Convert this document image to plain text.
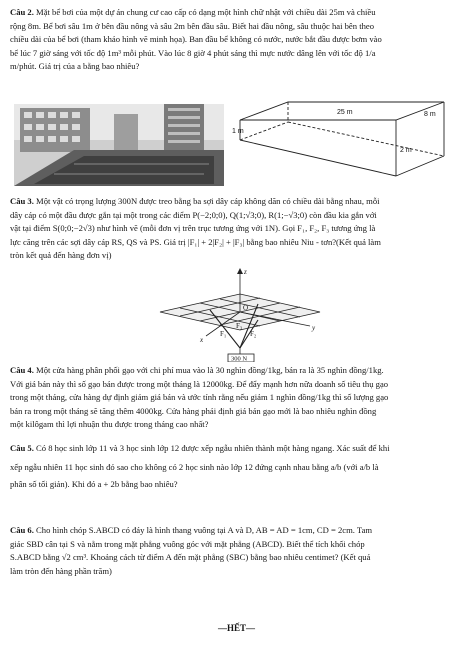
Câu 2. Mặt bể bơi của một dự án chung cư cao cấp có dạng một hình chữ nhật với chiều dài 25m và chiều
rộng 8m. Bể bơi sâu 1m ở bên đầu nông và sâu 2m bên đầu sâu. Biết hai đầu nông, sâu thuộc hai bên theo
chiều dài của bể bơi (tham khảo hình vẽ minh họa). Ban đầu bể không có nước, nước bắt đầu được bơm vào
bể lúc 7 giờ sáng với tốc độ 1m³ mỗi phút. Vào lúc 8 giờ 4 phút sáng thì mực nước dâng lên với tốc độ 1/a
m/phút. Giá trị của a bằng bao nhiêu?

25 m	8 m
1 m
2 m

Câu 3. Một vật có trọng lượng 300N được treo bằng ba sợi dây cáp không dãn có chiều dài bằng nhau, mỗi
dây cáp có một đầu được gắn tại một trong các điểm P(−2;0;0), Q(1;√3;0), R(1;−√3;0) còn đầu kia gắn với
vật tại điểm S(0;0;−2√3) như hình vẽ (mỗi đơn vị trên trục tương ứng với 1N). Gọi F₁, F₂, F₃ tương ứng là
lực căng trên các sợi dây cáp RS, QS và PS. Giá trị |F₁| + 2|F₂| + |F₃| bằng bao nhiêu Niu - tơn?(Kết quả làm
tròn kết quả đến hàng đơn vị)

z
x
y
O
F₁	F₂
F₃
300 N

Câu 4. Một cửa hàng phân phối gạo với chi phí mua vào là 30 nghìn đồng/1kg, bán ra là 35 nghìn đồng/1kg.
Với giá bán này thì số gạo bán được trong một tháng là 12000kg. Để đẩy mạnh hơn nữa doanh số tiêu thụ gạo
trong một tháng, cửa hàng dự định giảm giá bán và ước tính rằng nếu giảm 1 nghìn đồng/1kg thì số lượng gạo
bán ra trong một tháng sẽ tăng thêm 4000kg. Cửa hàng phải định giá bán gạo mới là bao nhiêu nghìn đồng
một kilôgam thì lợi nhuận thu được trong tháng cao nhất?

Câu 5. Có 8 học sinh lớp 11 và 3 học sinh lớp 12 được xếp ngẫu nhiên thành một hàng ngang. Xác suất để khi
xếp ngẫu nhiên 11 học sinh đó sao cho không có 2 học sinh nào lớp 12 đứng cạnh nhau bằng a/b (với a/b là
phân số tối giản). Khi đó a + 2b bằng bao nhiêu?

Câu 6. Cho hình chóp S.ABCD có đáy là hình thang vuông tại A và D, AB = AD = 1cm, CD = 2cm. Tam
giác SBD cân tại S và nằm trong mặt phẳng vuông góc với mặt phẳng (ABCD). Biết thể tích khối chóp
S.ABCD bằng √2 cm³. Khoảng cách từ điểm A đến mặt phẳng (SBC) bằng bao nhiêu centimet? (Kết quả
làm tròn đến hàng phần trăm)

—HẾT—
